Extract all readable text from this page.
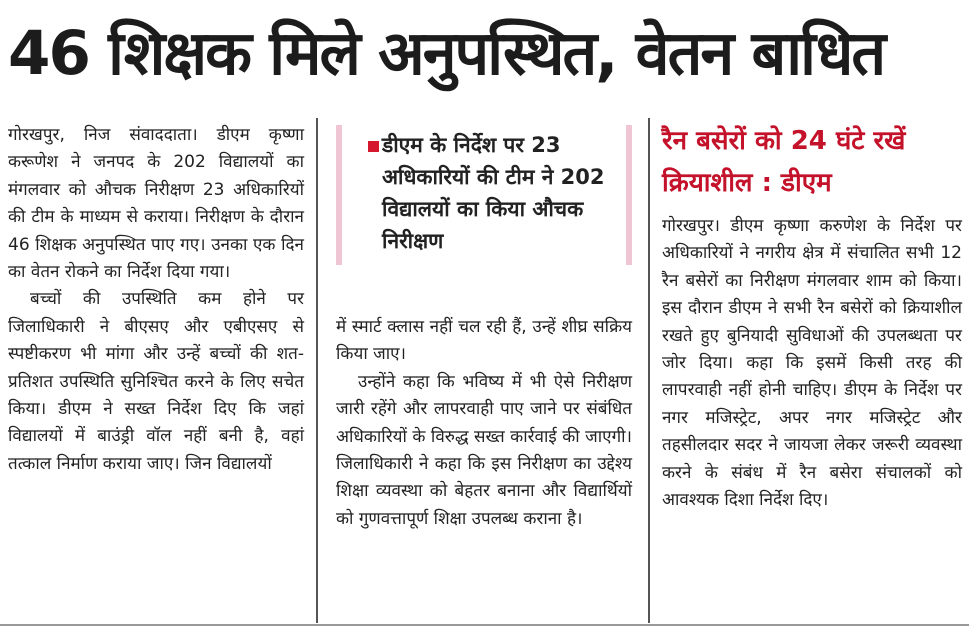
46 शिक्षक मिले अनुपस्थित, वेतन बाधित

गोरखपुर, निज संवाददाता। डीएम कृष्णा करूणेश ने जनपद के 202 विद्यालयों का मंगलवार को औचक निरीक्षण 23 अधिकारियों की टीम के माध्यम से कराया। निरीक्षण के दौरान 46 शिक्षक अनुपस्थित पाए गए। उनका एक दिन का वेतन रोकने का निर्देश दिया गया।

बच्चों की उपस्थिति कम होने पर जिलाधिकारी ने बीएसए और एबीएसए से स्पष्टीकरण भी मांगा और उन्हें बच्चों की शत-प्रतिशत उपस्थिति सुनिश्चित करने के लिए सचेत किया। डीएम ने सख्त निर्देश दिए कि जहां विद्यालयों में बाउंड्री वॉल नहीं बनी है, वहां तत्काल निर्माण कराया जाए। जिन विद्यालयों

डीएम के निर्देश पर 23 अधिकारियों की टीम ने 202 विद्यालयों का किया औचक निरीक्षण

में स्मार्ट क्लास नहीं चल रही हैं, उन्हें शीघ्र सक्रिय किया जाए।

उन्होंने कहा कि भविष्य में भी ऐसे निरीक्षण जारी रहेंगे और लापरवाही पाए जाने पर संबंधित अधिकारियों के विरुद्ध सख्त कार्रवाई की जाएगी। जिलाधिकारी ने कहा कि इस निरीक्षण का उद्देश्य शिक्षा व्यवस्था को बेहतर बनाना और विद्यार्थियों को गुणवत्तापूर्ण शिक्षा उपलब्ध कराना है।

रैन बसेरों को 24 घंटे रखें क्रियाशील : डीएम

गोरखपुर। डीएम कृष्णा करुणेश के निर्देश पर अधिकारियों ने नगरीय क्षेत्र में संचालित सभी 12 रैन बसेरों का निरीक्षण मंगलवार शाम को किया। इस दौरान डीएम ने सभी रैन बसेरों को क्रियाशील रखते हुए बुनियादी सुविधाओं की उपलब्धता पर जोर दिया। कहा कि इसमें किसी तरह की लापरवाही नहीं होनी चाहिए। डीएम के निर्देश पर नगर मजिस्ट्रेट, अपर नगर मजिस्ट्रेट और तहसीलदार सदर ने जायजा लेकर जरूरी व्यवस्था करने के संबंध में रैन बसेरा संचालकों को आवश्यक दिशा निर्देश दिए।
